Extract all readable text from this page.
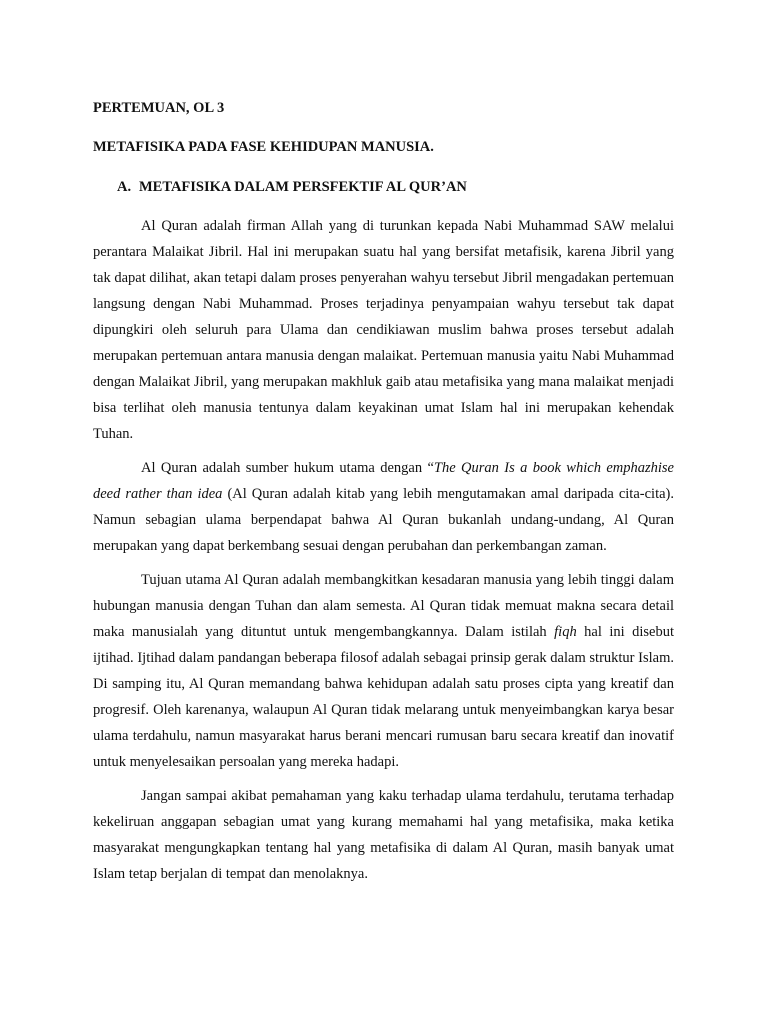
PERTEMUAN, OL 3

METAFISIKA PADA FASE KEHIDUPAN MANUSIA.

A. METAFISIKA DALAM PERSFEKTIF AL QUR’AN

Al Quran adalah firman Allah yang di turunkan kepada Nabi Muhammad SAW melalui perantara Malaikat Jibril. Hal ini merupakan suatu hal yang bersifat metafisik, karena Jibril yang tak dapat dilihat, akan tetapi dalam proses penyerahan wahyu tersebut Jibril mengadakan pertemuan langsung dengan Nabi Muhammad. Proses terjadinya penyampaian wahyu tersebut tak dapat dipungkiri oleh seluruh para Ulama dan cendikiawan muslim bahwa proses tersebut adalah merupakan pertemuan antara manusia dengan malaikat. Pertemuan manusia yaitu Nabi Muhammad dengan Malaikat Jibril, yang merupakan makhluk gaib atau metafisika yang mana malaikat menjadi bisa terlihat oleh manusia tentunya dalam keyakinan umat Islam hal ini merupakan kehendak Tuhan.

Al Quran adalah sumber hukum utama dengan “The Quran Is a book which emphazhise deed rather than idea (Al Quran adalah kitab yang lebih mengutamakan amal daripada cita-cita). Namun sebagian ulama berpendapat bahwa Al Quran bukanlah undang-undang, Al Quran merupakan yang dapat berkembang sesuai dengan perubahan dan perkembangan zaman.

Tujuan utama Al Quran adalah membangkitkan kesadaran manusia yang lebih tinggi dalam hubungan manusia dengan Tuhan dan alam semesta. Al Quran tidak memuat makna secara detail maka manusialah yang dituntut untuk mengembangkannya. Dalam istilah fiqh hal ini disebut ijtihad. Ijtihad dalam pandangan beberapa filosof adalah sebagai prinsip gerak dalam struktur Islam. Di samping itu, Al Quran memandang bahwa kehidupan adalah satu proses cipta yang kreatif dan progresif. Oleh karenanya, walaupun Al Quran tidak melarang untuk menyeimbangkan karya besar ulama terdahulu, namun masyarakat harus berani mencari rumusan baru secara kreatif dan inovatif untuk menyelesaikan persoalan yang mereka hadapi.

Jangan sampai akibat pemahaman yang kaku terhadap ulama terdahulu, terutama terhadap kekeliruan anggapan sebagian umat yang kurang memahami hal yang metafisika, maka ketika masyarakat mengungkapkan tentang hal yang metafisika di dalam Al Quran, masih banyak umat Islam tetap berjalan di tempat dan menolaknya.
